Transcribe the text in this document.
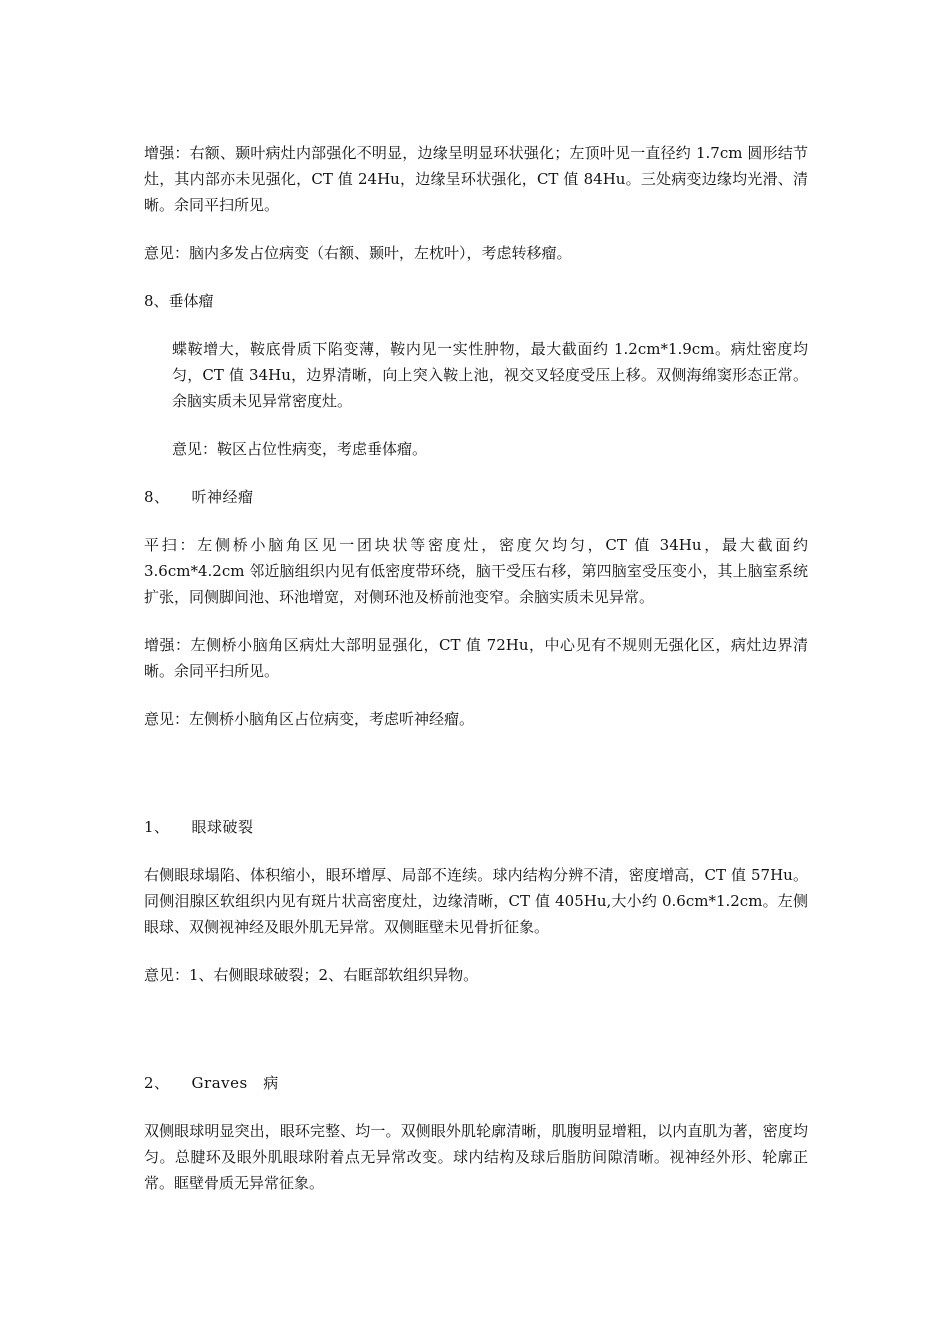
增强：右额、颞叶病灶内部强化不明显，边缘呈明显环状强化；左顶叶见一直径约 1.7cm 圆形结节灶，其内部亦未见强化，CT 值 24Hu，边缘呈环状强化，CT 值 84Hu。三处病变边缘均光滑、清晰。余同平扫所见。

意见：脑内多发占位病变（右额、颞叶，左枕叶），考虑转移瘤。

8、垂体瘤

蝶鞍增大，鞍底骨质下陷变薄，鞍内见一实性肿物，最大截面约 1.2cm*1.9cm。病灶密度均匀，CT 值 34Hu，边界清晰，向上突入鞍上池，视交叉轻度受压上移。双侧海绵窦形态正常。余脑实质未见异常密度灶。

意见：鞍区占位性病变，考虑垂体瘤。

8、 听神经瘤

平扫：左侧桥小脑角区见一团块状等密度灶，密度欠均匀，CT 值 34Hu，最大截面约 3.6cm*4.2cm 邻近脑组织内见有低密度带环绕，脑干受压右移，第四脑室受压变小，其上脑室系统扩张，同侧脚间池、环池增宽，对侧环池及桥前池变窄。余脑实质未见异常。

增强：左侧桥小脑角区病灶大部明显强化，CT 值 72Hu，中心见有不规则无强化区，病灶边界清晰。余同平扫所见。

意见：左侧桥小脑角区占位病变，考虑听神经瘤。

1、 眼球破裂

右侧眼球塌陷、体积缩小，眼环增厚、局部不连续。球内结构分辨不清，密度增高，CT 值 57Hu。同侧泪腺区软组织内见有斑片状高密度灶，边缘清晰，CT 值 405Hu,大小约 0.6cm*1.2cm。左侧眼球、双侧视神经及眼外肌无异常。双侧眶壁未见骨折征象。

意见：1、右侧眼球破裂；2、右眶部软组织异物。

2、 Graves　病

双侧眼球明显突出，眼环完整、均一。双侧眼外肌轮廓清晰，肌腹明显增粗，以内直肌为著，密度均匀。总腱环及眼外肌眼球附着点无异常改变。球内结构及球后脂肪间隙清晰。视神经外形、轮廓正常。眶壁骨质无异常征象。
